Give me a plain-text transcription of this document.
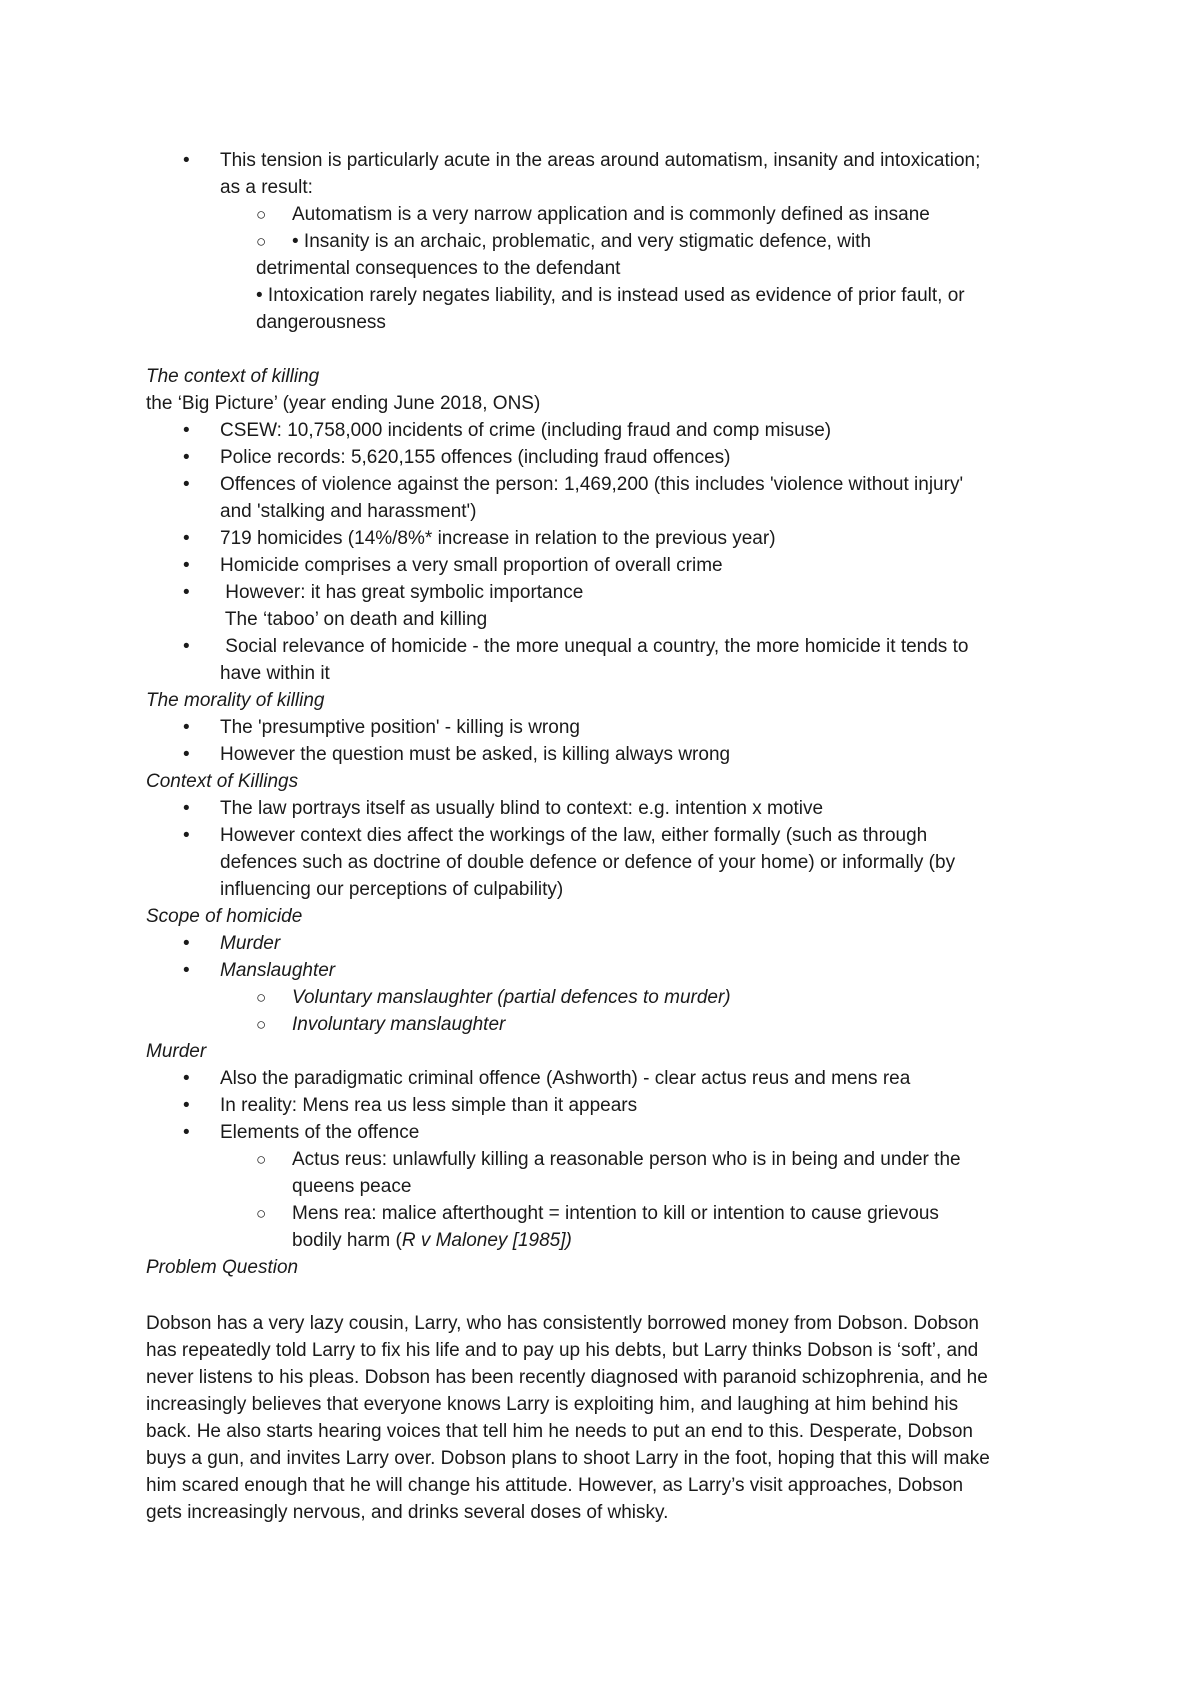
• This tension is particularly acute in the areas around automatism, insanity and intoxication;
as a result:
○ Automatism is a very narrow application and is commonly defined as insane
○ • Insanity is an archaic, problematic, and very stigmatic defence, with
detrimental consequences to the defendant
• Intoxication rarely negates liability, and is instead used as evidence of prior fault, or
dangerousness
The context of killing
the ‘Big Picture’ (year ending June 2018, ONS)
• CSEW: 10,758,000 incidents of crime (including fraud and comp misuse)
• Police records: 5,620,155 offences (including fraud offences)
• Offences of violence against the person: 1,469,200 (this includes 'violence without injury'
and 'stalking and harassment')
• 719 homicides (14%/8%* increase in relation to the previous year)
• Homicide comprises a very small proportion of overall crime
• However: it has great symbolic importance
The ‘taboo’ on death and killing
• Social relevance of homicide - the more unequal a country, the more homicide it tends to
have within it
The morality of killing
• The 'presumptive position' - killing is wrong
• However the question must be asked, is killing always wrong
Context of Killings
• The law portrays itself as usually blind to context: e.g. intention x motive
• However context dies affect the workings of the law, either formally (such as through
defences such as doctrine of double defence or defence of your home) or informally (by
influencing our perceptions of culpability)
Scope of homicide
• Murder
• Manslaughter
○ Voluntary manslaughter (partial defences to murder)
○ Involuntary manslaughter
Murder
• Also the paradigmatic criminal offence (Ashworth) - clear actus reus and mens rea
• In reality: Mens rea us less simple than it appears
• Elements of the offence
○ Actus reus: unlawfully killing a reasonable person who is in being and under the
queens peace
○ Mens rea: malice afterthought = intention to kill or intention to cause grievous
bodily harm (R v Maloney [1985])
Problem Question
Dobson has a very lazy cousin, Larry, who has consistently borrowed money from Dobson. Dobson
has repeatedly told Larry to fix his life and to pay up his debts, but Larry thinks Dobson is ‘soft’, and
never listens to his pleas. Dobson has been recently diagnosed with paranoid schizophrenia, and he
increasingly believes that everyone knows Larry is exploiting him, and laughing at him behind his
back. He also starts hearing voices that tell him he needs to put an end to this. Desperate, Dobson
buys a gun, and invites Larry over. Dobson plans to shoot Larry in the foot, hoping that this will make
him scared enough that he will change his attitude. However, as Larry’s visit approaches, Dobson
gets increasingly nervous, and drinks several doses of whisky.
